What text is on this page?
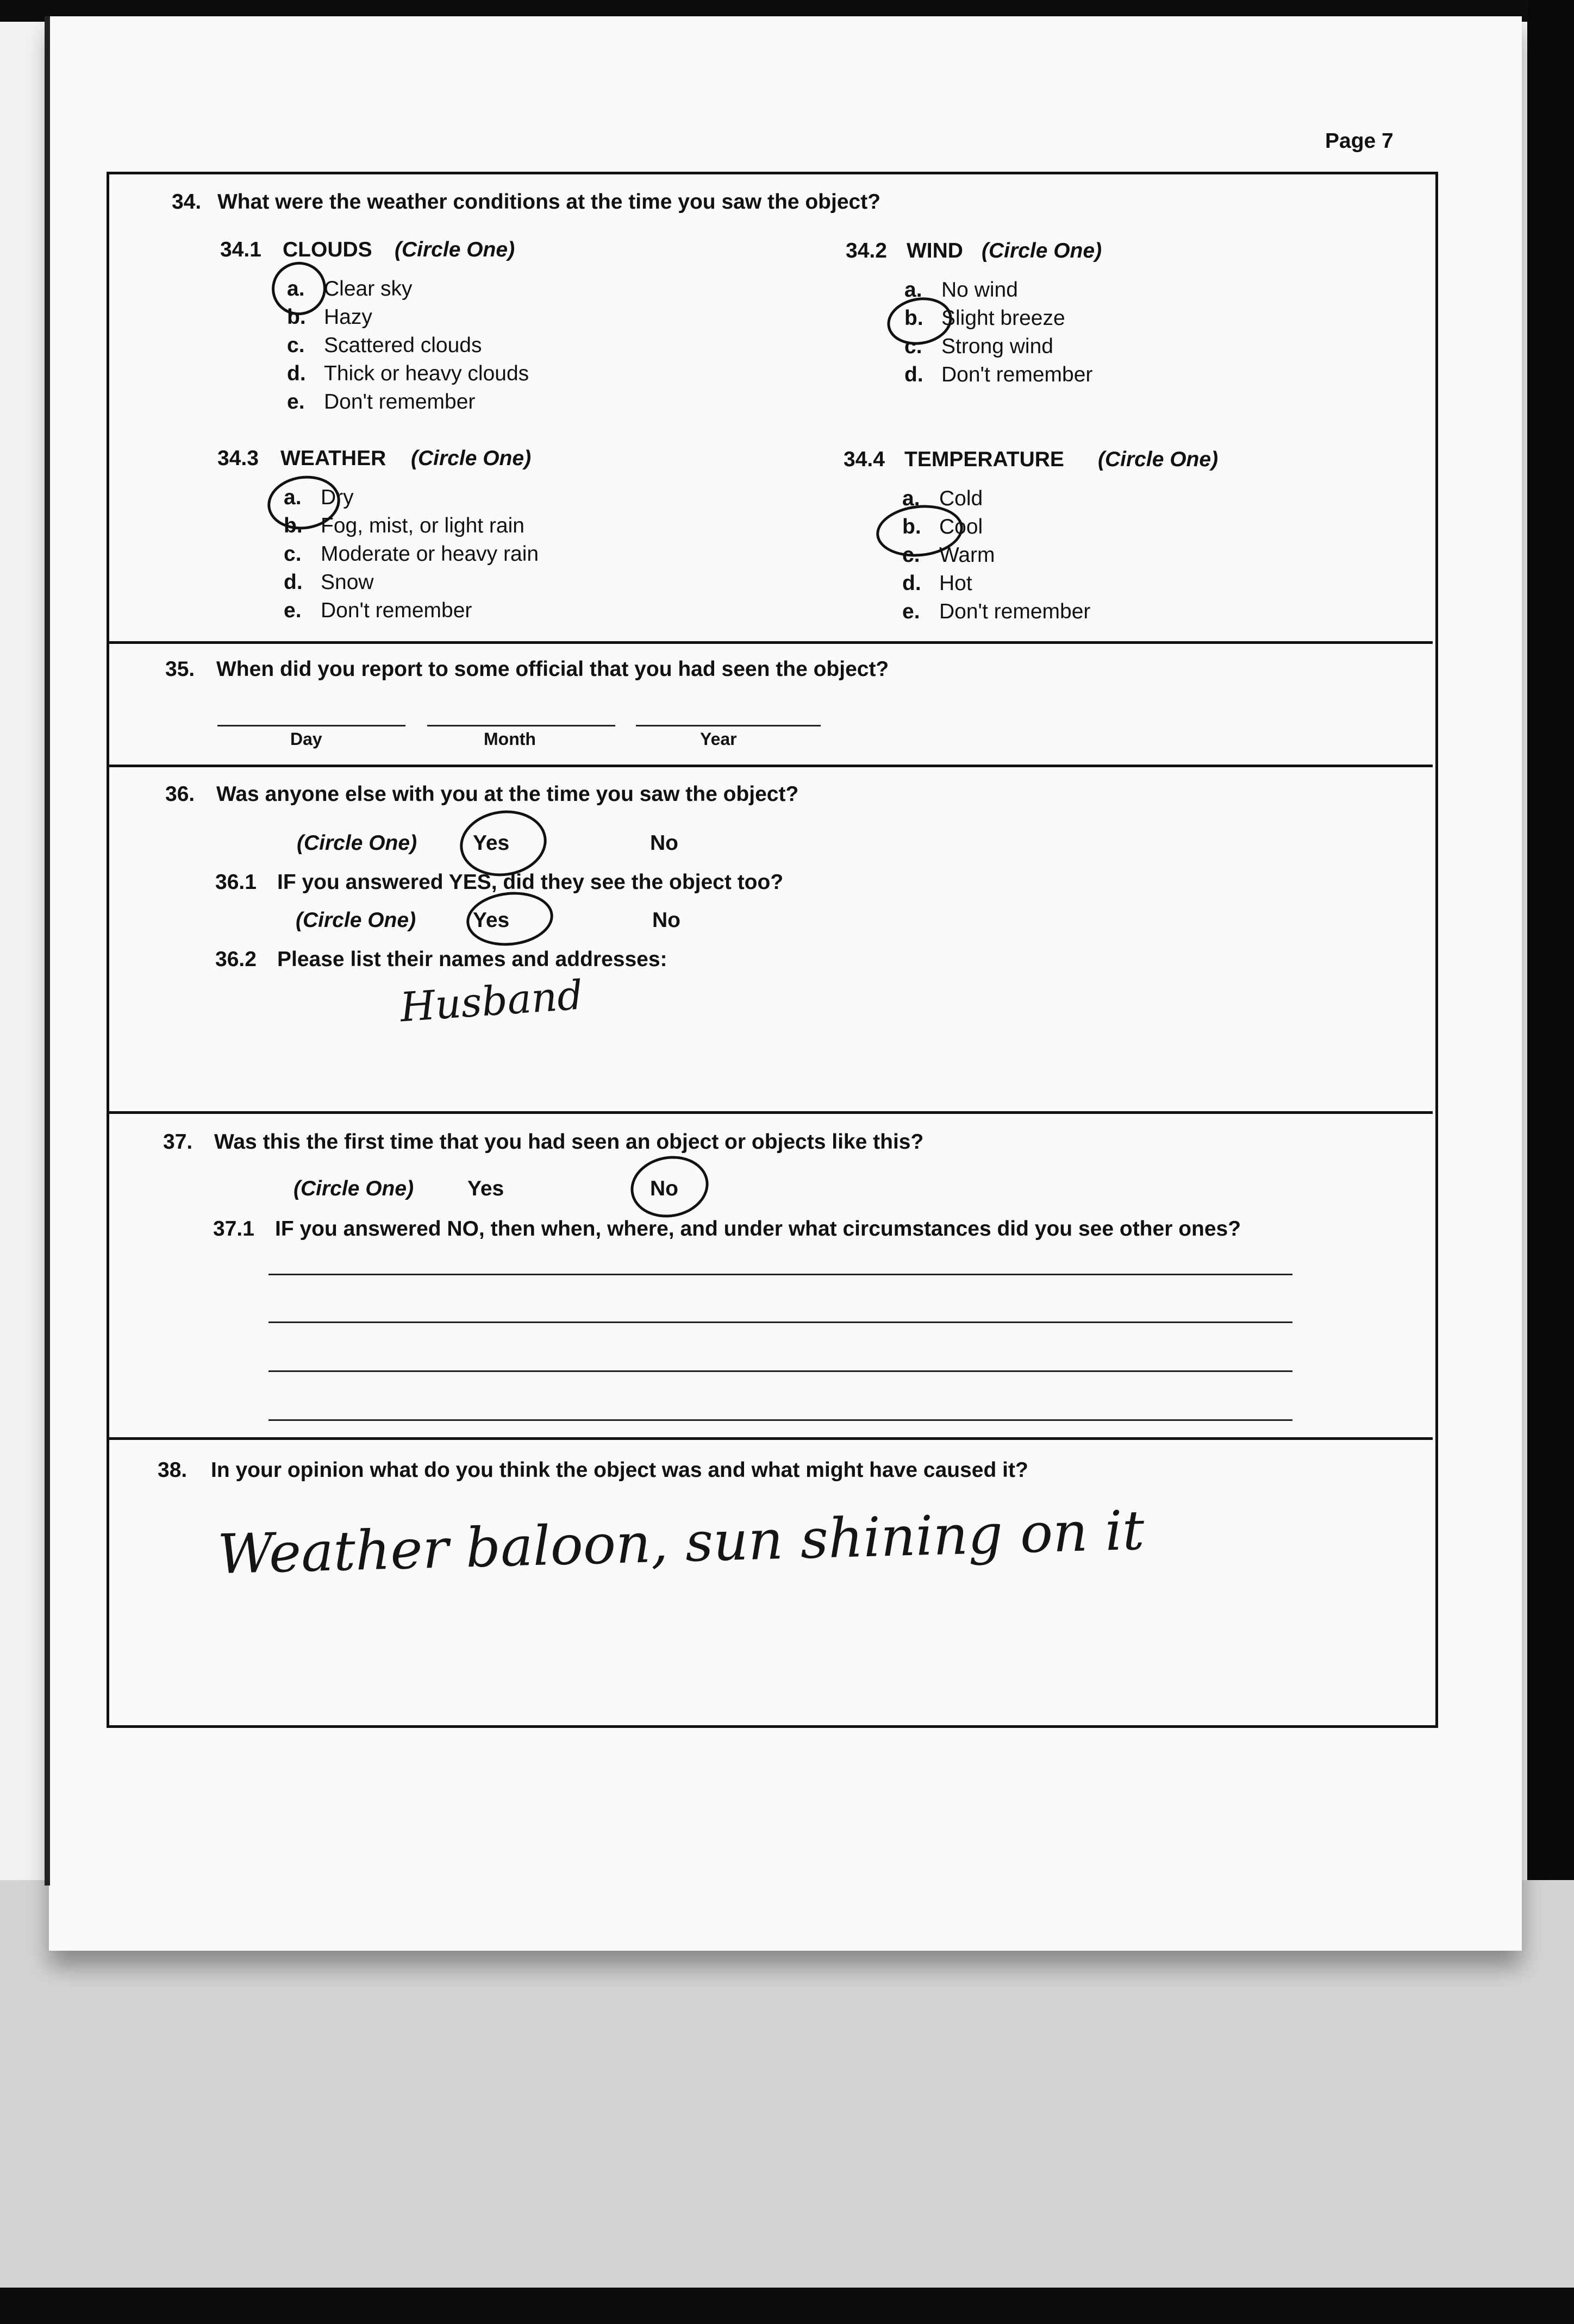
Page 7
34. What were the weather conditions at the time you saw the object?
34.1 CLOUDS (Circle One)
a. Clear sky
b. Hazy
c. Scattered clouds
d. Thick or heavy clouds
e. Don't remember
34.2 WIND (Circle One)
a. No wind
b. Slight breeze
c. Strong wind
d. Don't remember
34.3 WEATHER (Circle One)
a. Dry
b. Fog, mist, or light rain
c. Moderate or heavy rain
d. Snow
e. Don't remember
34.4 TEMPERATURE (Circle One)
a. Cold
b. Cool
c. Warm
d. Hot
e. Don't remember
35. When did you report to some official that you had seen the object?
Day	Month	Year
36. Was anyone else with you at the time you saw the object?
(Circle One)	Yes	No
36.1 IF you answered YES, did they see the object too?
(Circle One)	Yes	No
36.2 Please list their names and addresses:
Husband
37. Was this the first time that you had seen an object or objects like this?
(Circle One)	Yes	No
37.1 IF you answered NO, then when, where, and under what circumstances did you see other ones?
38. In your opinion what do you think the object was and what might have caused it?
Weather baloon, sun shining on it
